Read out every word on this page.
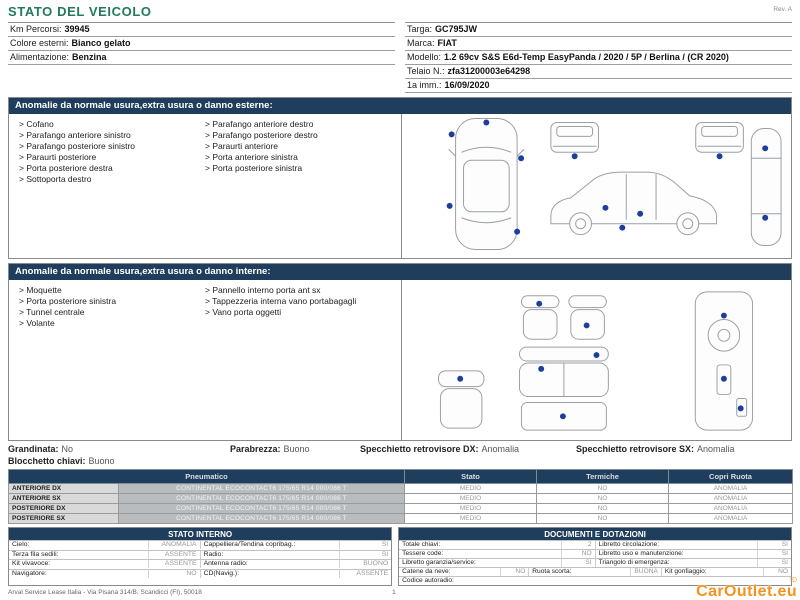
STATO DEL VEICOLO	Rev. A
Km Percorsi: 39945
Colore esterni: Bianco gelato
Alimentazione: Benzina
Targa: GC795JW
Marca: FIAT
Modello: 1.2 69cv S&S E6d-Temp EasyPanda / 2020 / 5P / Berlina / (CR 2020)
Telaio N.: zfa31200003e64298
1a imm.: 16/09/2020
Anomalie da normale usura,extra usura o danno esterne:
> Cofano
> Parafango anteriore sinistro
> Parafango posteriore sinistro
> Paraurti posteriore
> Porta posteriore destra
> Sottoporta destro
> Parafango anteriore destro
> Parafango posteriore destro
> Paraurti anteriore
> Porta anteriore sinistra
> Porta posteriore sinistra
Anomalie da normale usura,extra usura o danno interne:
> Moquette
> Porta posteriore sinistra
> Tunnel centrale
> Volante
> Pannello interno porta ant sx
> Tappezzeria interna vano portabagagli
> Vano porta oggetti
Grandinata: No	Parabrezza: Buono	Specchietto retrovisore DX: Anomalia	Specchietto retrovisore SX: Anomalia
Blocchetto chiavi: Buono
Pneumatico		Stato	Termiche	Copri Ruota
ANTERIORE DX	CONTINENTAL ECOCONTACT6 175/65 R14 000/086 T	MEDIO	NO	ANOMALIA
ANTERIORE SX	CONTINENTAL ECOCONTACT6 175/65 R14 000/086 T	MEDIO	NO	ANOMALIA
POSTERIORE DX	CONTINENTAL ECOCONTACT6 175/65 R14 000/086 T	MEDIO	NO	ANOMALIA
POSTERIORE SX	CONTINENTAL ECOCONTACT6 175/65 R14 000/086 T	MEDIO	NO	ANOMALIA
STATO INTERNO
Cielo:	ANOMALIA	Cappelliera/Tendina copribag.:	SI
Terza fila sedili:	ASSENTE	Radio:	SI
Kit vivavoce:	ASSENTE	Antenna radio:	BUONO
Navigatore:	NO	CD(Navig.):	ASSENTE
DOCUMENTI E DOTAZIONI
Totale chiavi:	2	Libretto circolazione:	SI
Tessere code:	NO	Libretto uso e manutenzione:	SI
Libretto garanzia/service:	SI	Triangolo di emergenza:	SI
Catene da neve:	NO	Ruota scorta:	BUONA	Kit gonfiaggio:	NO
Codice autoradio:
Arval Service Lease Italia - Via Pisana 314/B, Scandicci (FI), 50018	1
ID
CarOutlet.eu
